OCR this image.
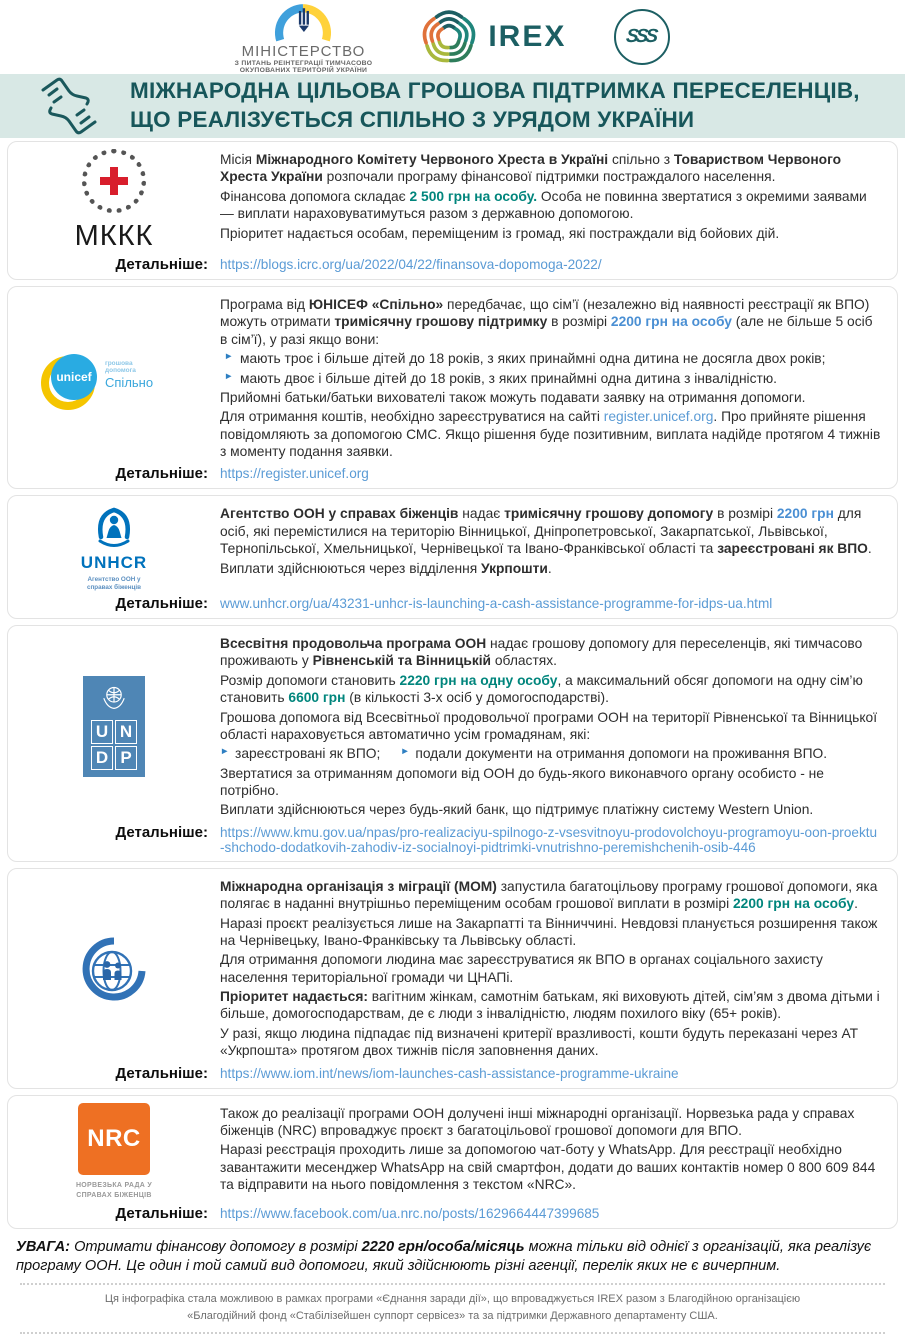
МІНІСТЕРСТВО
З ПИТАНЬ РЕІНТЕГРАЦІЇ ТИМЧАСОВО
ОКУПОВАНИХ ТЕРИТОРІЙ УКРАЇНИ
IREX	SSS
МІЖНАРОДНА ЦІЛЬОВА ГРОШОВА ПІДТРИМКА ПЕРЕСЕЛЕНЦІВ,
ЩО РЕАЛІЗУЄТЬСЯ СПІЛЬНО З УРЯДОМ УКРАЇНИ
МККК
Місія Міжнародного Комітету Червоного Хреста в Україні спільно з Товариством Червоного Хреста України розпочали програму фінансової підтримки постраждалого населення.
Фінансова допомога складає 2 500 грн на особу. Особа не повинна звертатися з окремими заявами — виплати нараховуватимуться разом з державною допомогою.
Пріоритет надається особам, переміщеним із громад, які постраждали від бойових дій.
Детальніше: https://blogs.icrc.org/ua/2022/04/22/finansova-dopomoga-2022/
unicef
грошова
допомога
Спільно
Програма від ЮНІСЕФ «Спільно» передбачає, що сім’ї (незалежно від наявності реєстрації як ВПО) можуть отримати тримісячну грошову підтримку в розмірі 2200 грн на особу (але не більше 5 осіб в сім’ї), у разі якщо вони:
► мають троє і більше дітей до 18 років, з яких принаймні одна дитина не досягла двох років;
► мають двоє і більше дітей до 18 років, з яких принаймні одна дитина з інвалідністю.
Прийомні батьки/батьки вихователі також можуть подавати заявку на отримання допомоги.
Для отримання коштів, необхідно зареєструватися на сайті register.unicef.org. Про прийняте рішення повідомляють за допомогою СМС. Якщо рішення буде позитивним, виплата надійде протягом 4 тижнів з моменту подання заявки.
Детальніше: https://register.unicef.org
UNHCR
Агентство ООН у
справах біженців
Агентство ООН у справах біженців надає тримісячну грошову допомогу в розмірі 2200 грн для осіб, які перемістилися на територію Вінницької, Дніпропетровської, Закарпатської, Львівської, Тернопільської, Хмельницької, Чернівецької та Івано-Франківської області та зареєстровані як ВПО.
Виплати здійснюються через відділення Укрпошти.
Детальніше: www.unhcr.org/ua/43231-unhcr-is-launching-a-cash-assistance-programme-for-idps-ua.html
U N
D P
Всесвітня продовольча програма ООН надає грошову допомогу для переселенців, які тимчасово проживають у Рівненській та Вінницькій областях.
Розмір допомоги становить 2220 грн на одну особу, а максимальний обсяг допомоги на одну сім’ю становить 6600 грн (в кількості 3-х осіб у домогосподарстві).
Грошова допомога від Всесвітньої продовольчої програми ООН на території Рівненської та Вінницької області нараховується автоматично усім громадянам, які:
► зареєстровані як ВПО; ► подали документи на отримання допомоги на проживання ВПО.
Звертатися за отриманням допомоги від ООН до будь-якого виконавчого органу особисто - не потрібно.
Виплати здійснюються через будь-який банк, що підтримує платіжну систему Western Union.
Детальніше: https://www.kmu.gov.ua/npas/pro-realizaciyu-spilnogo-z-vsesvitnoyu-prodovolchoyu-programoyu-oon-proektu-shchodo-dodatkovih-zahodiv-iz-socialnoyi-pidtrimki-vnutrishno-peremishchenih-osib-446
Міжнародна організація з міграції (МОМ) запустила багатоцільову програму грошової допомоги, яка полягає в наданні внутрішньо переміщеним особам грошової виплати в розмірі 2200 грн на особу.
Наразі проєкт реалізується лише на Закарпатті та Вінниччині. Невдовзі планується розширення також на Чернівецьку, Івано-Франківську та Львівську області.
Для отримання допомоги людина має зареєструватися як ВПО в органах соціального захисту населення територіальної громади чи ЦНАПі.
Пріоритет надається: вагітним жінкам, самотнім батькам, які виховують дітей, сім’ям з двома дітьми і більше, домогосподарствам, де є люди з інвалідністю, людям похилого віку (65+ років).
У разі, якщо людина підпадає під визначені критерії вразливості, кошти будуть переказані через АТ «Укрпошта» протягом двох тижнів після заповнення даних.
Детальніше: https://www.iom.int/news/iom-launches-cash-assistance-programme-ukraine
NRC
НОРВЕЗЬКА РАДА У
СПРАВАХ БІЖЕНЦІВ
Також до реалізації програми ООН долучені інші міжнародні організації. Норвезька рада у справах біженців (NRC) впроваджує проєкт з багатоцільової грошової допомоги для ВПО.
Наразі реєстрація проходить лише за допомогою чат-боту у WhatsApp. Для реєстрації необхідно завантажити месенджер WhatsApp на свій смартфон, додати до ваших контактів номер 0 800 609 844 та відправити на нього повідомлення з текстом «NRC».
Детальніше: https://www.facebook.com/ua.nrc.no/posts/1629664447399685
УВАГА: Отримати фінансову допомогу в розмірі 2220 грн/особа/місяць можна тільки від однієї з організацій, яка реалізує програму ООН. Це один і той самий вид допомоги, який здійснюють різні агенції, перелік яких не є вичерпним.
Ця інфографіка стала можливою в рамках програми «Єднання заради дії», що впроваджується IREX разом з Благодійною організацією «Благодійний фонд «Стабілізейшен суппорт сервісез» та за підтримки Державного департаменту США.
